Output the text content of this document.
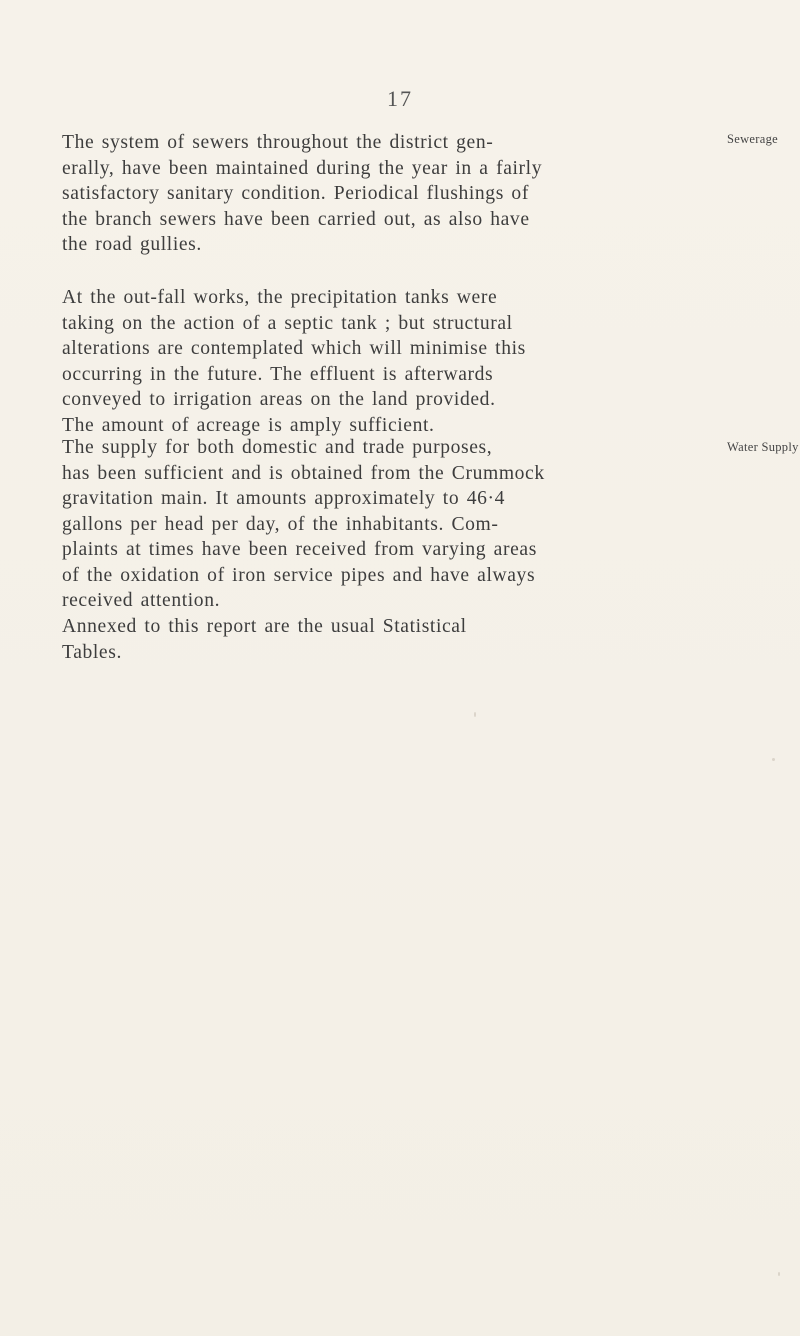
17

The system of sewers throughout the district gen-
erally, have been maintained during the year in a fairly
satisfactory sanitary condition. Periodical flushings of
the branch sewers have been carried out, as also have
the road gullies.

Sewerage

At the out-fall works, the precipitation tanks were
taking on the action of a septic tank ; but structural
alterations are contemplated which will minimise this
occurring in the future. The effluent is afterwards
conveyed to irrigation areas on the land provided.
The amount of acreage is amply sufficient.

The supply for both domestic and trade purposes,
has been sufficient and is obtained from the Crummock
gravitation main. It amounts approximately to 46·4
gallons per head per day, of the inhabitants. Com-
plaints at times have been received from varying areas
of the oxidation of iron service pipes and have always
received attention.

Water Supply

Annexed to this report are the usual Statistical
Tables.
